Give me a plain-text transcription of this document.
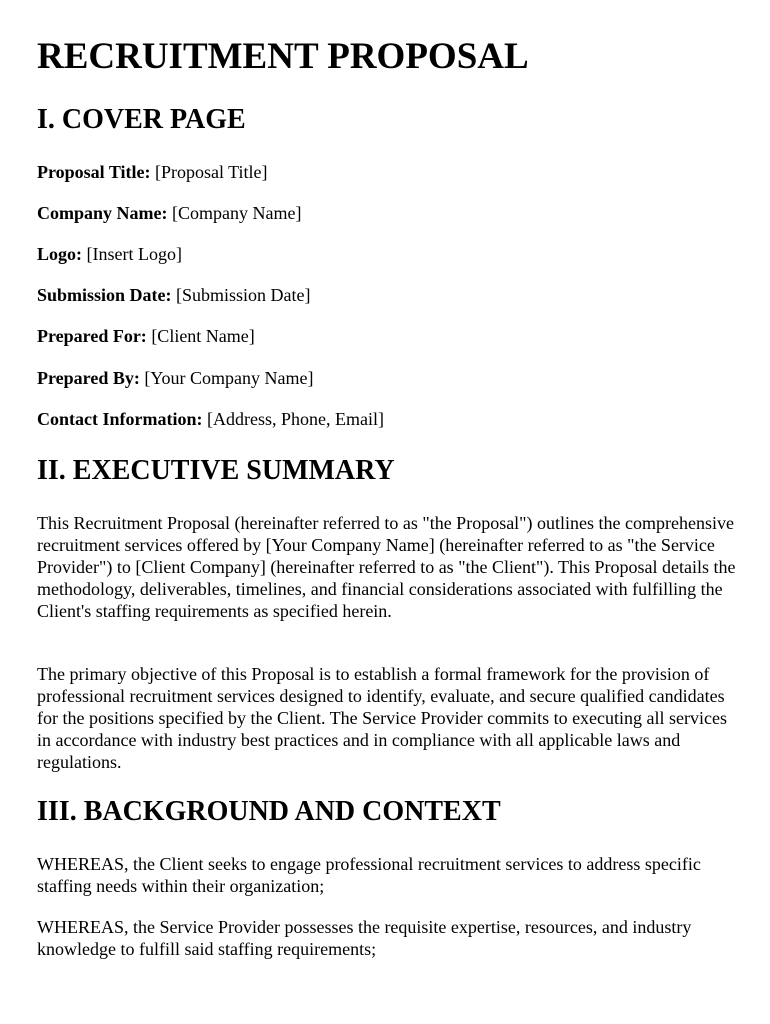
RECRUITMENT PROPOSAL
I. COVER PAGE
Proposal Title: [Proposal Title]
Company Name: [Company Name]
Logo: [Insert Logo]
Submission Date: [Submission Date]
Prepared For: [Client Name]
Prepared By: [Your Company Name]
Contact Information: [Address, Phone, Email]
II. EXECUTIVE SUMMARY

This Recruitment Proposal (hereinafter referred to as "the Proposal") outlines the comprehensive recruitment services offered by [Your Company Name] (hereinafter referred to as "the Service Provider") to [Client Company] (hereinafter referred to as "the Client"). This Proposal details the methodology, deliverables, timelines, and financial considerations associated with fulfilling the Client's staffing requirements as specified herein.

The primary objective of this Proposal is to establish a formal framework for the provision of professional recruitment services designed to identify, evaluate, and secure qualified candidates for the positions specified by the Client. The Service Provider commits to executing all services in accordance with industry best practices and in compliance with all applicable laws and regulations.

III. BACKGROUND AND CONTEXT

WHEREAS, the Client seeks to engage professional recruitment services to address specific staffing needs within their organization;

WHEREAS, the Service Provider possesses the requisite expertise, resources, and industry knowledge to fulfill said staffing requirements;
